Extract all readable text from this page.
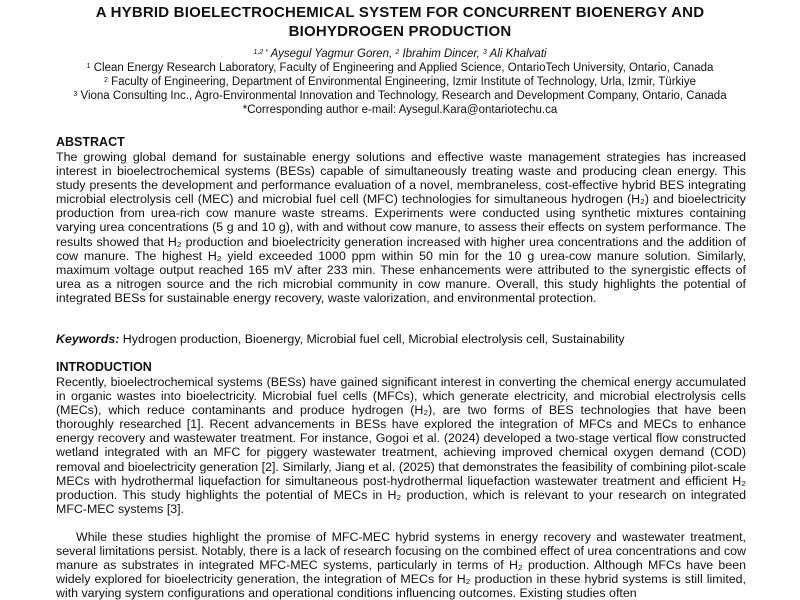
A HYBRID BIOELECTROCHEMICAL SYSTEM FOR CONCURRENT BIOENERGY AND
BIOHYDROGEN PRODUCTION
$^{1,2 *}$ Aysegul Yagmur Goren, $^2$ Ibrahim Dincer, $^3$ Ali Khalvati
$^1$ Clean Energy Research Laboratory, Faculty of Engineering and Applied Science, OntarioTech University, Ontario, Canada
$^2$ Faculty of Engineering, Department of Environmental Engineering, Izmir Institute of Technology, Urla, Izmir, Türkiye
$^3$ Viona Consulting Inc., Agro-Environmental Innovation and Technology, Research and Development Company, Ontario, Canada
*Corresponding author e-mail: Aysegul.Kara@ontariotechu.ca
ABSTRACT

The growing global demand for sustainable energy solutions and effective waste management strategies has increased interest in bioelectrochemical systems (BESs) capable of simultaneously treating waste and producing clean energy. This study presents the development and performance evaluation of a novel, membraneless, cost-effective hybrid BES integrating microbial electrolysis cell (MEC) and microbial fuel cell (MFC) technologies for simultaneous hydrogen (H₂) and bioelectricity production from urea-rich cow manure waste streams. Experiments were conducted using synthetic mixtures containing varying urea concentrations (5 g and 10 g), with and without cow manure, to assess their effects on system performance. The results showed that H₂ production and bioelectricity generation increased with higher urea concentrations and the addition of cow manure. The highest H₂ yield exceeded 1000 ppm within 50 min for the 10 g urea-cow manure solution. Similarly, maximum voltage output reached 165 mV after 233 min. These enhancements were attributed to the synergistic effects of urea as a nitrogen source and the rich microbial community in cow manure. Overall, this study highlights the potential of integrated BESs for sustainable energy recovery, waste valorization, and environmental protection.

Keywords: Hydrogen production, Bioenergy, Microbial fuel cell, Microbial electrolysis cell, Sustainability
INTRODUCTION

Recently, bioelectrochemical systems (BESs) have gained significant interest in converting the chemical energy accumulated in organic wastes into bioelectricity. Microbial fuel cells (MFCs), which generate electricity, and microbial electrolysis cells (MECs), which reduce contaminants and produce hydrogen (H₂), are two forms of BES technologies that have been thoroughly researched [1]. Recent advancements in BESs have explored the integration of MFCs and MECs to enhance energy recovery and wastewater treatment. For instance, Gogoi et al. (2024) developed a two-stage vertical flow constructed wetland integrated with an MFC for piggery wastewater treatment, achieving improved chemical oxygen demand (COD) removal and bioelectricity generation [2]. Similarly, Jiang et al. (2025) that demonstrates the feasibility of combining pilot-scale MECs with hydrothermal liquefaction for simultaneous post-hydrothermal liquefaction wastewater treatment and efficient H₂ production. This study highlights the potential of MECs in H₂ production, which is relevant to your research on integrated MFC-MEC systems [3].

While these studies highlight the promise of MFC-MEC hybrid systems in energy recovery and wastewater treatment, several limitations persist. Notably, there is a lack of research focusing on the combined effect of urea concentrations and cow manure as substrates in integrated MFC-MEC systems, particularly in terms of H₂ production. Although MFCs have been widely explored for bioelectricity generation, the integration of MECs for H₂ production in these hybrid systems is still limited, with varying system configurations and operational conditions influencing outcomes. Existing studies often
